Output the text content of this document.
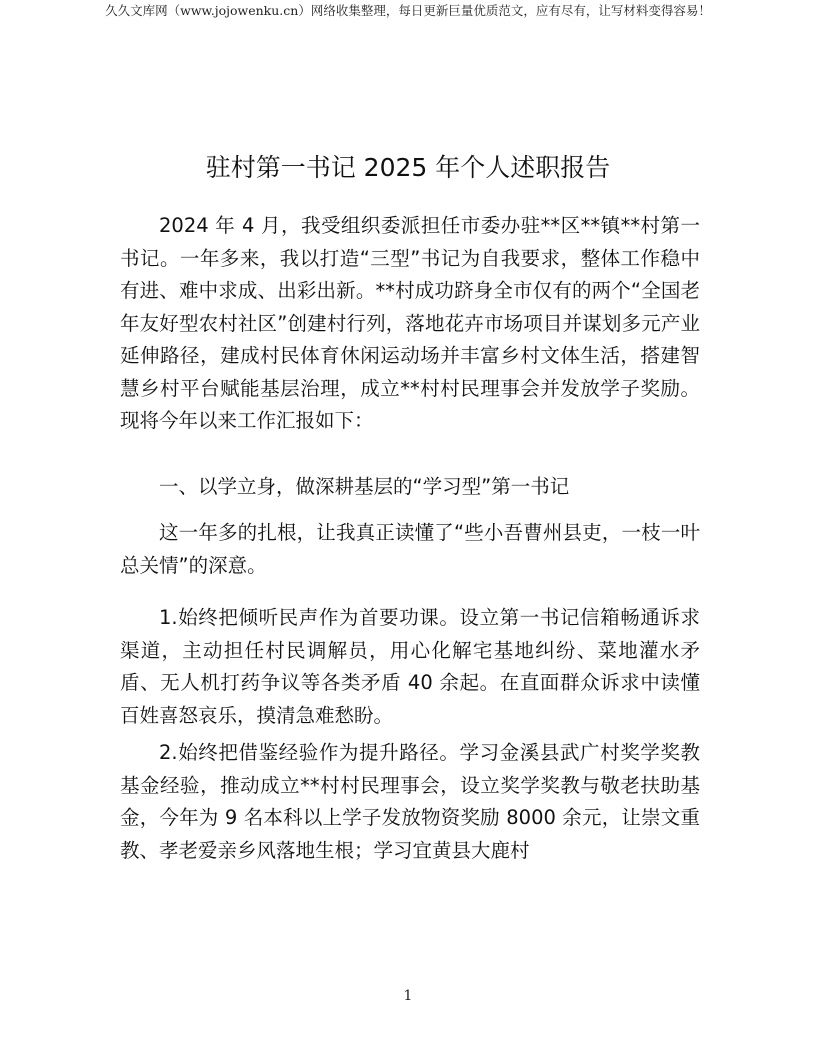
久久文库网（www.jojowenku.cn）网络收集整理，每日更新巨量优质范文，应有尽有，让写材料变得容易！
驻村第一书记 2025 年个人述职报告

2024 年 4 月，我受组织委派担任市委办驻**区**镇**村第一书记。一年多来，我以打造“三型”书记为自我要求，整体工作稳中有进、难中求成、出彩出新。**村成功跻身全市仅有的两个“全国老年友好型农村社区”创建村行列，落地花卉市场项目并谋划多元产业延伸路径，建成村民体育休闲运动场并丰富乡村文体生活，搭建智慧乡村平台赋能基层治理，成立**村村民理事会并发放学子奖励。现将今年以来工作汇报如下：

一、以学立身，做深耕基层的“学习型”第一书记

这一年多的扎根，让我真正读懂了“些小吾曹州县吏，一枝一叶总关情”的深意。

1.始终把倾听民声作为首要功课。设立第一书记信箱畅通诉求渠道，主动担任村民调解员，用心化解宅基地纠纷、菜地灌水矛盾、无人机打药争议等各类矛盾 40 余起。在直面群众诉求中读懂百姓喜怒哀乐，摸清急难愁盼。

2.始终把借鉴经验作为提升路径。学习金溪县武广村奖学奖教基金经验，推动成立**村村民理事会，设立奖学奖教与敬老扶助基金，今年为 9 名本科以上学子发放物资奖励 8000 余元，让崇文重教、孝老爱亲乡风落地生根；学习宜黄县大鹿村

1
